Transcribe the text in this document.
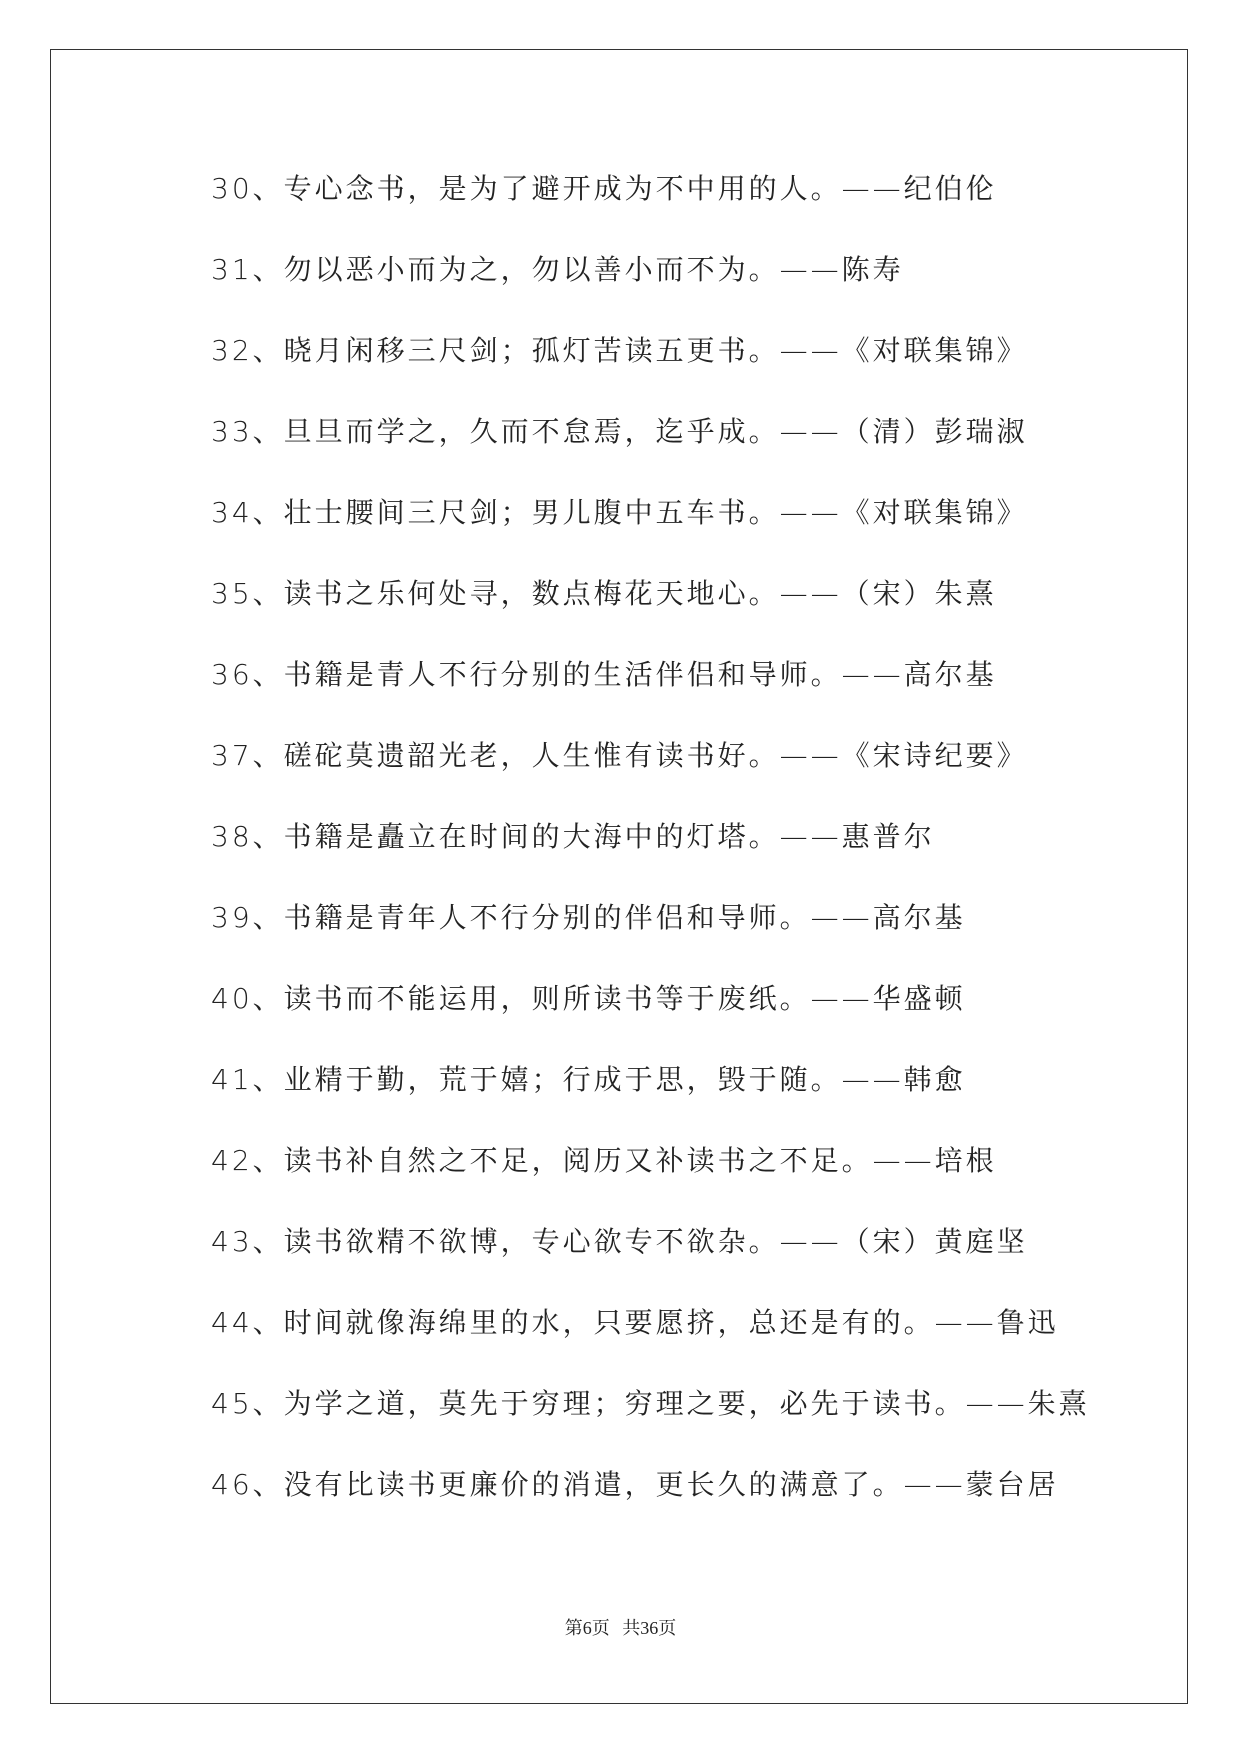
30、专心念书，是为了避开成为不中用的人。——纪伯伦
31、勿以恶小而为之，勿以善小而不为。——陈寿
32、晓月闲移三尺剑；孤灯苦读五更书。——《对联集锦》
33、旦旦而学之，久而不怠焉，迄乎成。——（清）彭瑞淑
34、壮士腰间三尺剑；男儿腹中五车书。——《对联集锦》
35、读书之乐何处寻，数点梅花天地心。——（宋）朱熹
36、书籍是青人不行分别的生活伴侣和导师。——高尔基
37、磋砣莫遗韶光老，人生惟有读书好。——《宋诗纪要》
38、书籍是矗立在时间的大海中的灯塔。——惠普尔
39、书籍是青年人不行分别的伴侣和导师。——高尔基
40、读书而不能运用，则所读书等于废纸。——华盛顿
41、业精于勤，荒于嬉；行成于思，毁于随。——韩愈
42、读书补自然之不足，阅历又补读书之不足。——培根
43、读书欲精不欲博，专心欲专不欲杂。——（宋）黄庭坚
44、时间就像海绵里的水，只要愿挤，总还是有的。——鲁迅
45、为学之道，莫先于穷理；穷理之要，必先于读书。——朱熹
46、没有比读书更廉价的消遣，更长久的满意了。——蒙台居
第6页 共36页
